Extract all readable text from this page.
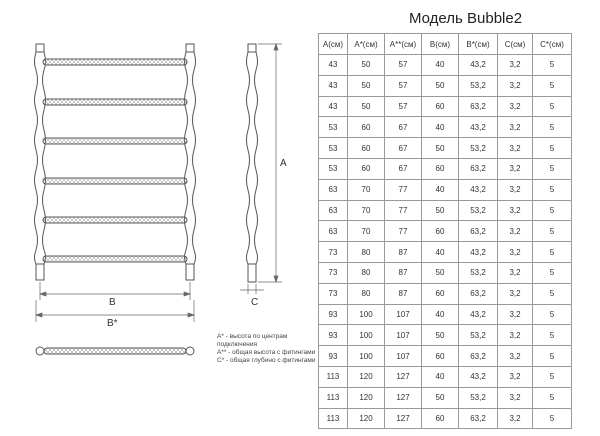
A
B
B*
C
Модель Bubble2
A(см)	A*(см)	A**(см)	B(см)	B*(см)	C(см)	C*(см)
43	50	57	40	43,2	3,2	5
43	50	57	50	53,2	3,2	5
43	50	57	60	63,2	3,2	5
53	60	67	40	43,2	3,2	5
53	60	67	50	53,2	3,2	5
53	60	67	60	63,2	3,2	5
63	70	77	40	43,2	3,2	5
63	70	77	50	53,2	3,2	5
63	70	77	60	63,2	3,2	5
73	80	87	40	43,2	3,2	5
73	80	87	50	53,2	3,2	5
73	80	87	60	63,2	3,2	5
93	100	107	40	43,2	3,2	5
93	100	107	50	53,2	3,2	5
93	100	107	60	63,2	3,2	5
113	120	127	40	43,2	3,2	5
113	120	127	50	53,2	3,2	5
113	120	127	60	63,2	3,2	5
A* - высота по центрам подключения
A** - общая высота с фитингами
C* - общая глубино с фитингами
